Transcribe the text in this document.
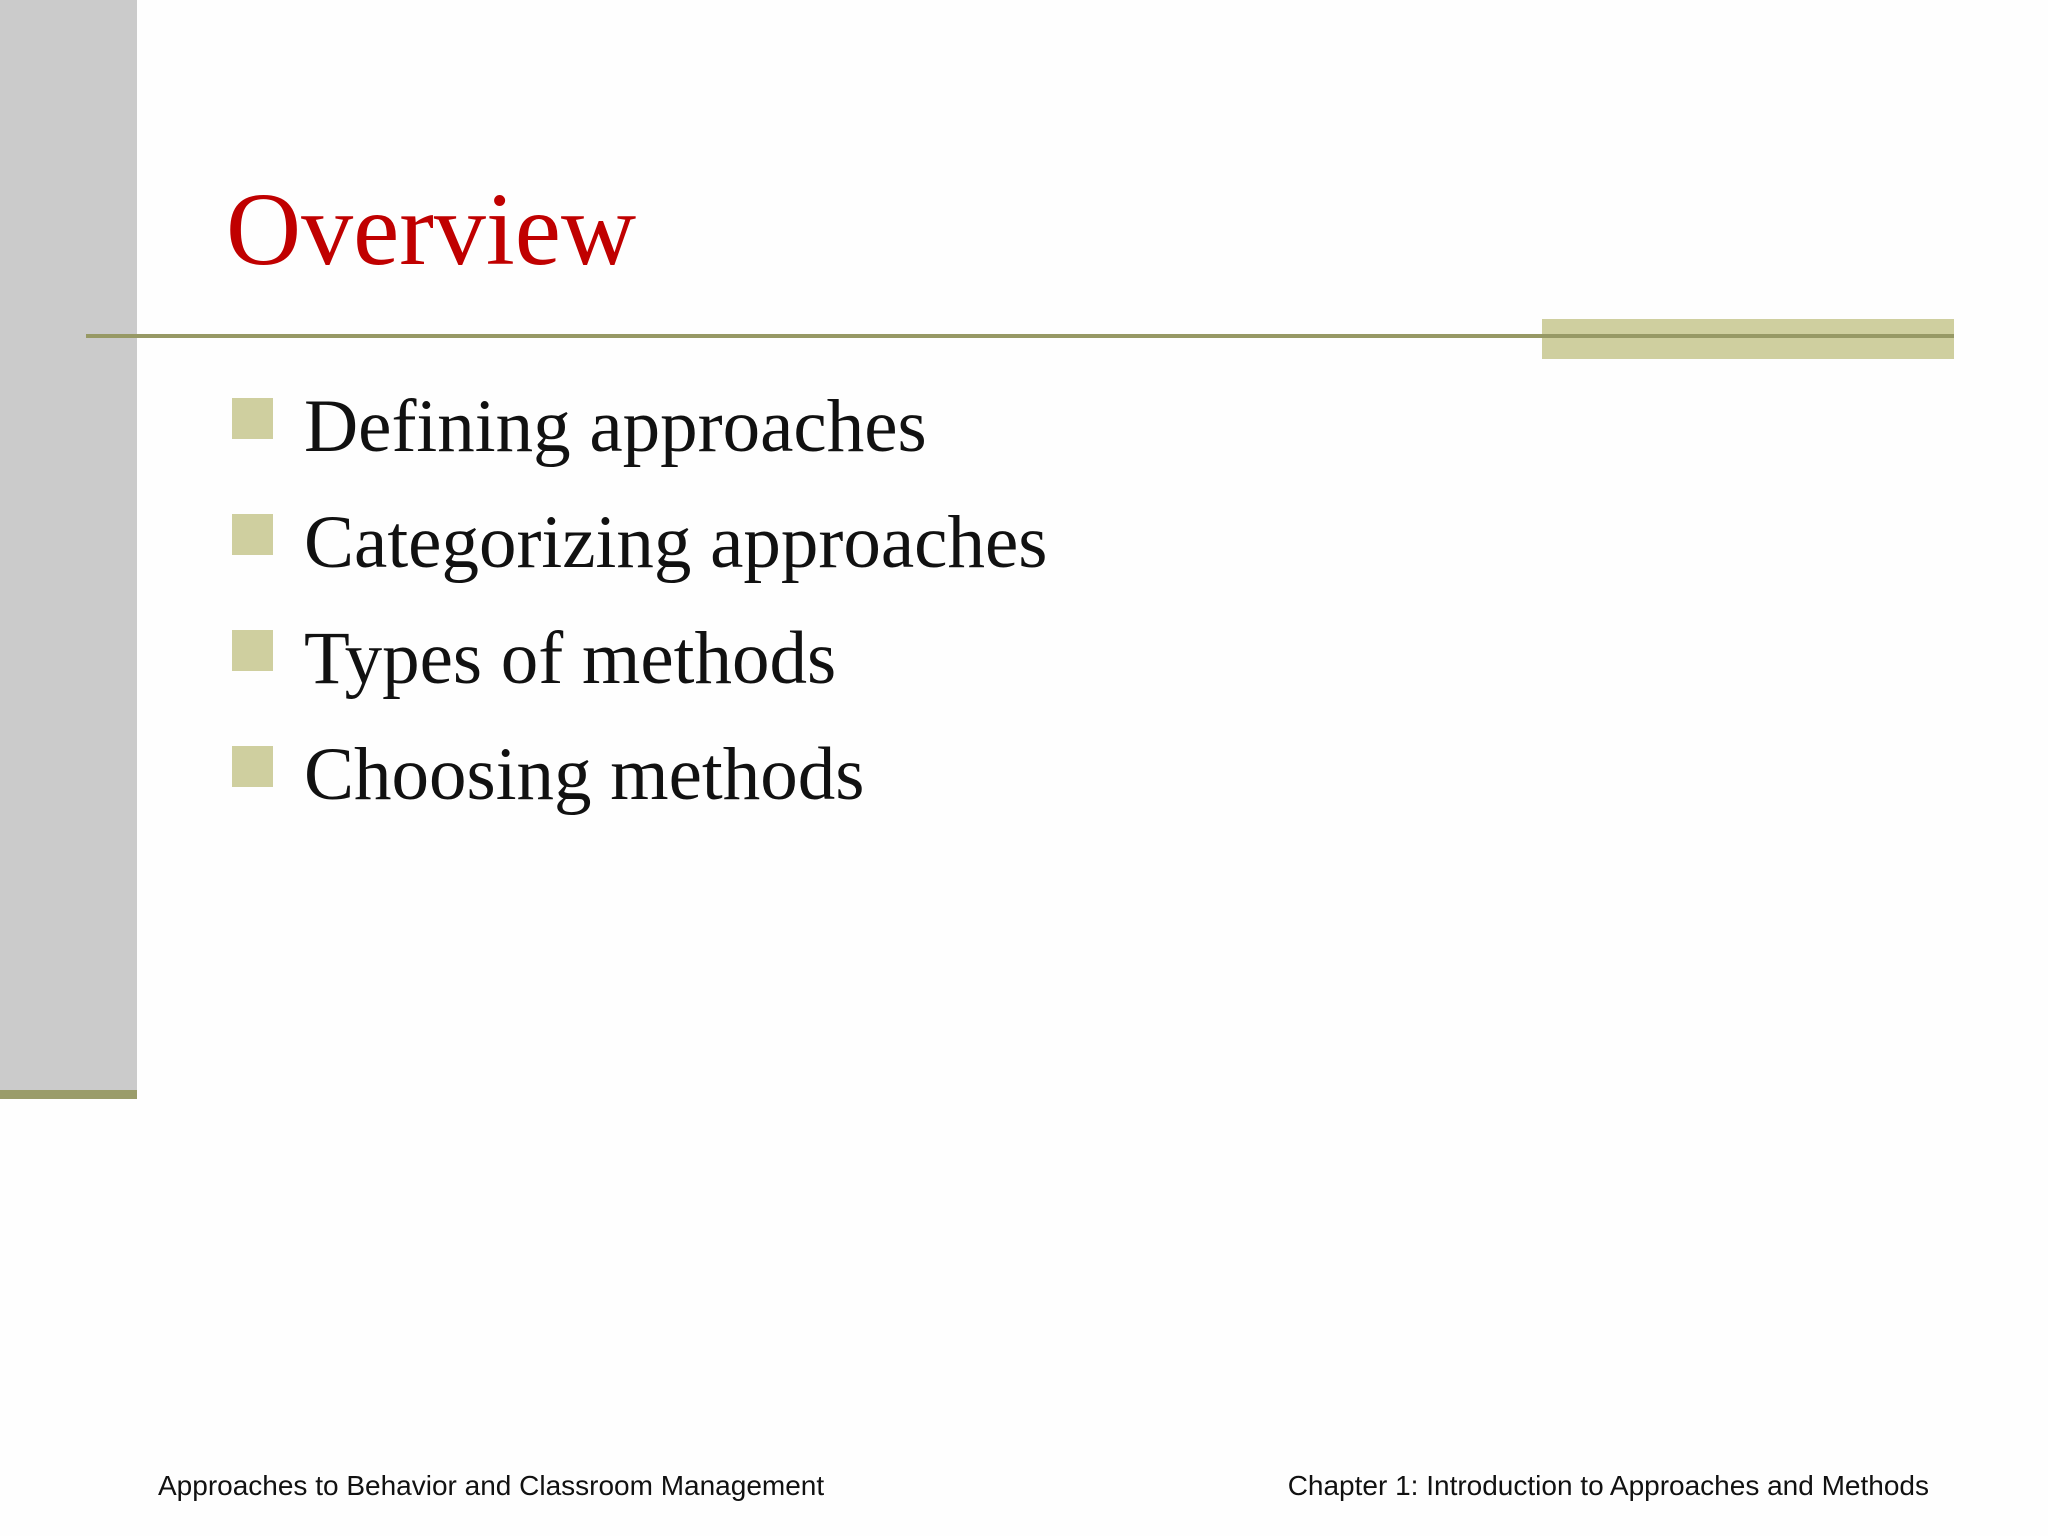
Overview
Defining approaches
Categorizing approaches
Types of methods
Choosing methods
Approaches to Behavior and Classroom Management	Chapter 1: Introduction to Approaches and Methods
